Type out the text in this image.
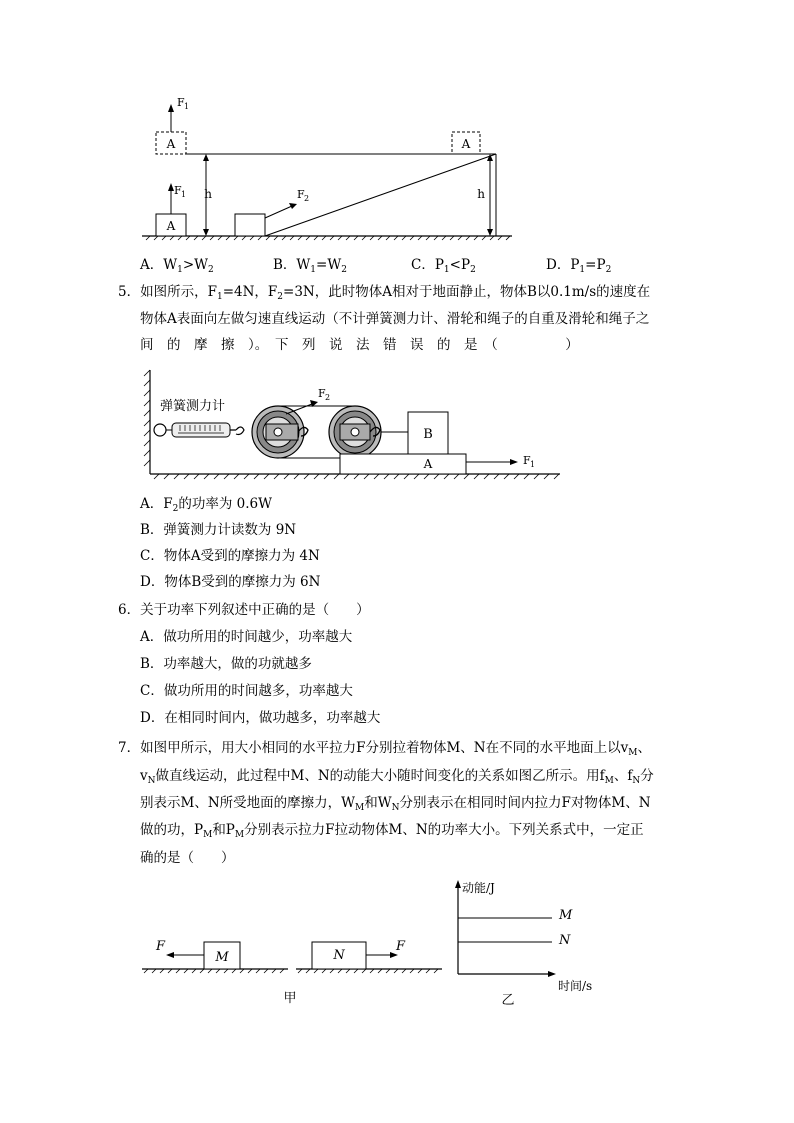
A
F 1
A
F 1
h	F 2
A
h
A．$W_1>W_2$	B．$W_1=W_2$	C．$P_1<P_2$	D．$P_1=P_2$
5．如图所示，$F_1=4N$，$F_2=3N$，此时物体A相对于地面静止，物体B以0.1m/s的速度在
物体A表面向左做匀速直线运动（不计弹簧测力计、滑轮和绳子的自重及滑轮和绳子之
间　的　摩　擦　）。　下　列　说　法　错　误　的　是　（　　　　　）
弹簧测力计
F 2
B
A	F 1
A．$F_2$的功率为 0.6W
B．弹簧测力计读数为 9N
C．物体A受到的摩擦力为 4N
D．物体B受到的摩擦力为 6N
6．关于功率下列叙述中正确的是（　　）
A．做功所用的时间越少，功率越大
B．功率越大，做的功就越多
C．做功所用的时间越多，功率越大
D．在相同时间内，做功越多，功率越大
7．如图甲所示，用大小相同的水平拉力F分别拉着物体M、N在不同的水平地面上以$v_M$、
$v_N$做直线运动，此过程中M、N的动能大小随时间变化的关系如图乙所示。用$f_M$、$f_N$分
别表示M、N所受地面的摩擦力，$W_M$和$W_N$分别表示在相同时间内拉力F对物体M、N
做的功，$P_M$和$P_M$分别表示拉力F拉动物体M、N的功率大小。下列关系式中，一定正
确的是（　　）
M
F
N
F
甲
动能/J
时间/s
M
N
乙
